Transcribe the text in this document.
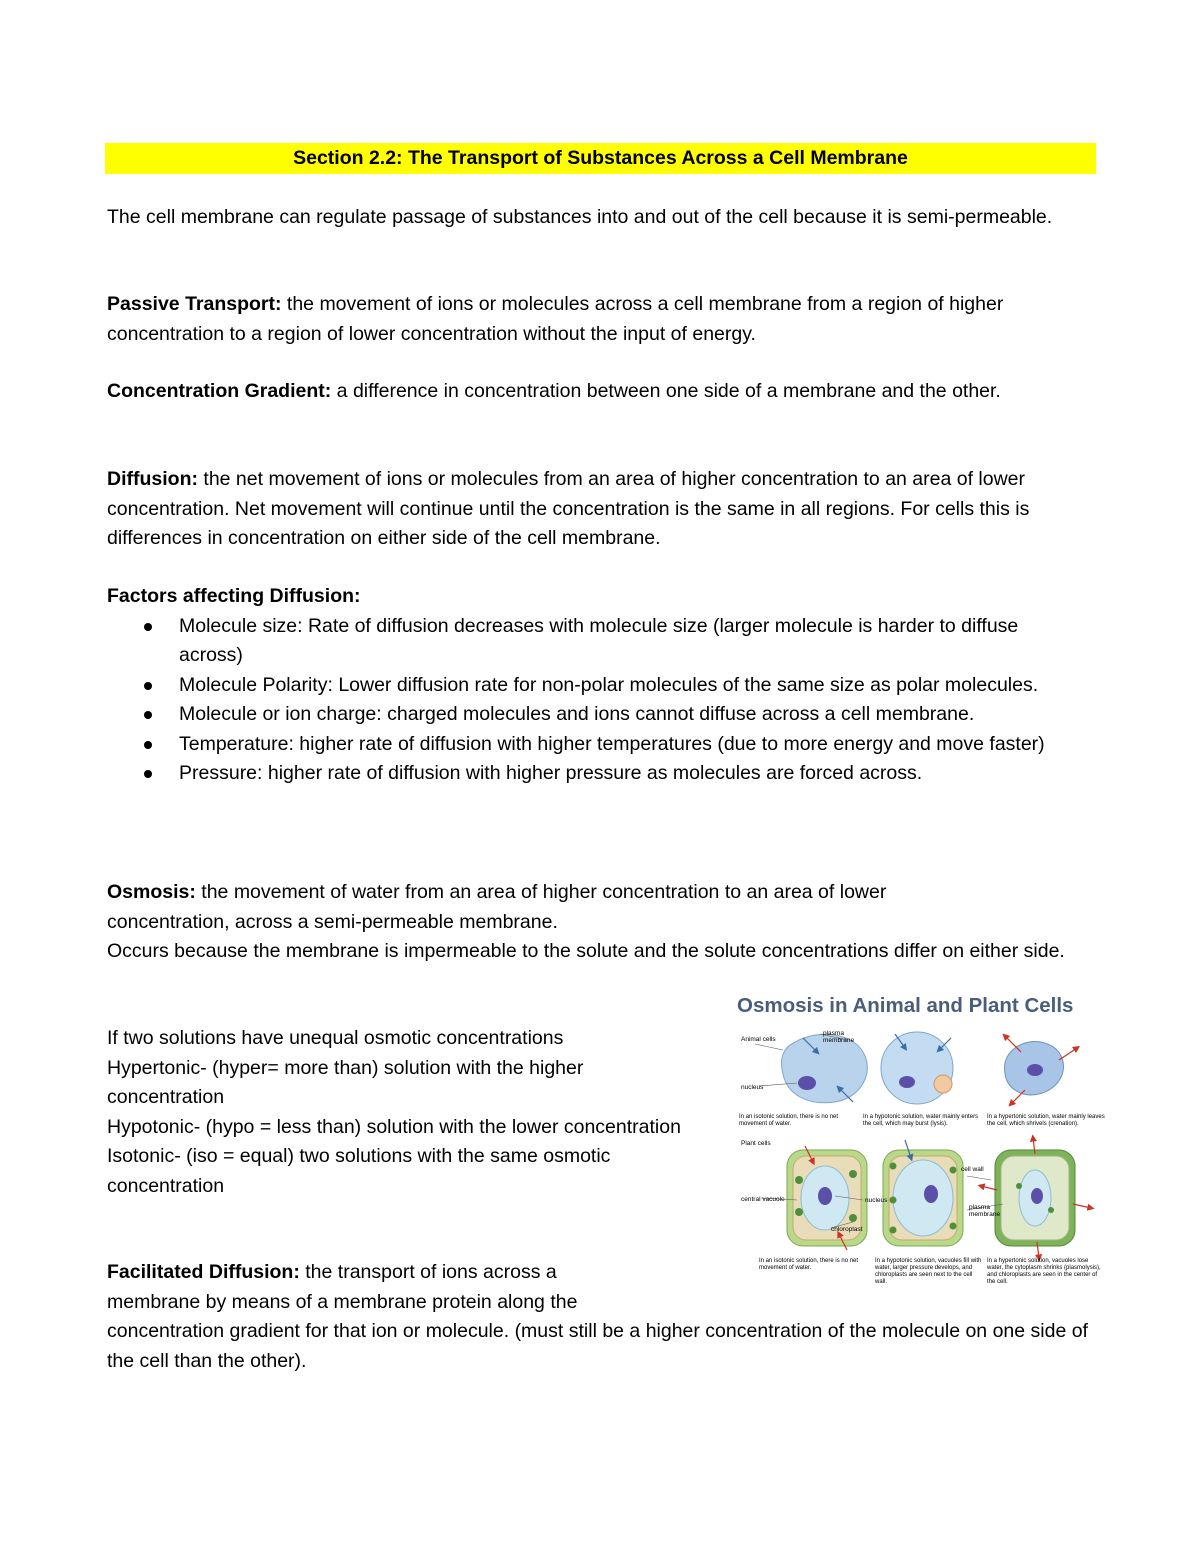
Section 2.2: The Transport of Substances Across a Cell Membrane
The cell membrane can regulate passage of substances into and out of the cell because it is semi-permeable.
Passive Transport: the movement of ions or molecules across a cell membrane from a region of higher concentration to a region of lower concentration without the input of energy.
Concentration Gradient: a difference in concentration between one side of a membrane and the other.
Diffusion: the net movement of ions or molecules from an area of higher concentration to an area of lower concentration. Net movement will continue until the concentration is the same in all regions. For cells this is differences in concentration on either side of the cell membrane.
Factors affecting Diffusion:
Molecule size: Rate of diffusion decreases with molecule size (larger molecule is harder to diffuse across)
Molecule Polarity: Lower diffusion rate for non-polar molecules of the same size as polar molecules.
Molecule or ion charge: charged molecules and ions cannot diffuse across a cell membrane.
Temperature: higher rate of diffusion with higher temperatures (due to more energy and move faster)
Pressure: higher rate of diffusion with higher pressure as molecules are forced across.
Osmosis: the movement of water from an area of higher concentration to an area of lower concentration, across a semi-permeable membrane.
Occurs because the membrane is impermeable to the solute and the solute concentrations differ on either side.
If two solutions have unequal osmotic concentrations
Hypertonic- (hyper= more than) solution with the higher concentration
Hypotonic- (hypo = less than) solution with the lower concentration
Isotonic- (iso = equal) two solutions with the same osmotic concentration
Facilitated Diffusion: the transport of ions across a membrane by means of a membrane protein along the
concentration gradient for that ion or molecule. (must still be a higher concentration of the molecule on one side of the cell than the other).
Osmosis in Animal and Plant Cells
Animal cells
plasma membrane
nucleus
Plant cells
central vacuole	nucleus
chloroplast
cell wall
plasma membrane
In an isotonic solution, there is no net movement of water.
In a hypotonic solution, water mainly enters the cell, which may burst (lysis).
In a hypertonic solution, water mainly leaves the cell, which shrivels (crenation).
In an isotonic solution, there is no net movement of water.
In a hypotonic solution, vacuoles fill with water, larger pressure develops, and chloroplasts are seen next to the cell wall.
In a hypertonic solution, vacuoles lose water, the cytoplasm shrinks (plasmolysis), and chloroplasts are seen in the center of the cell.
